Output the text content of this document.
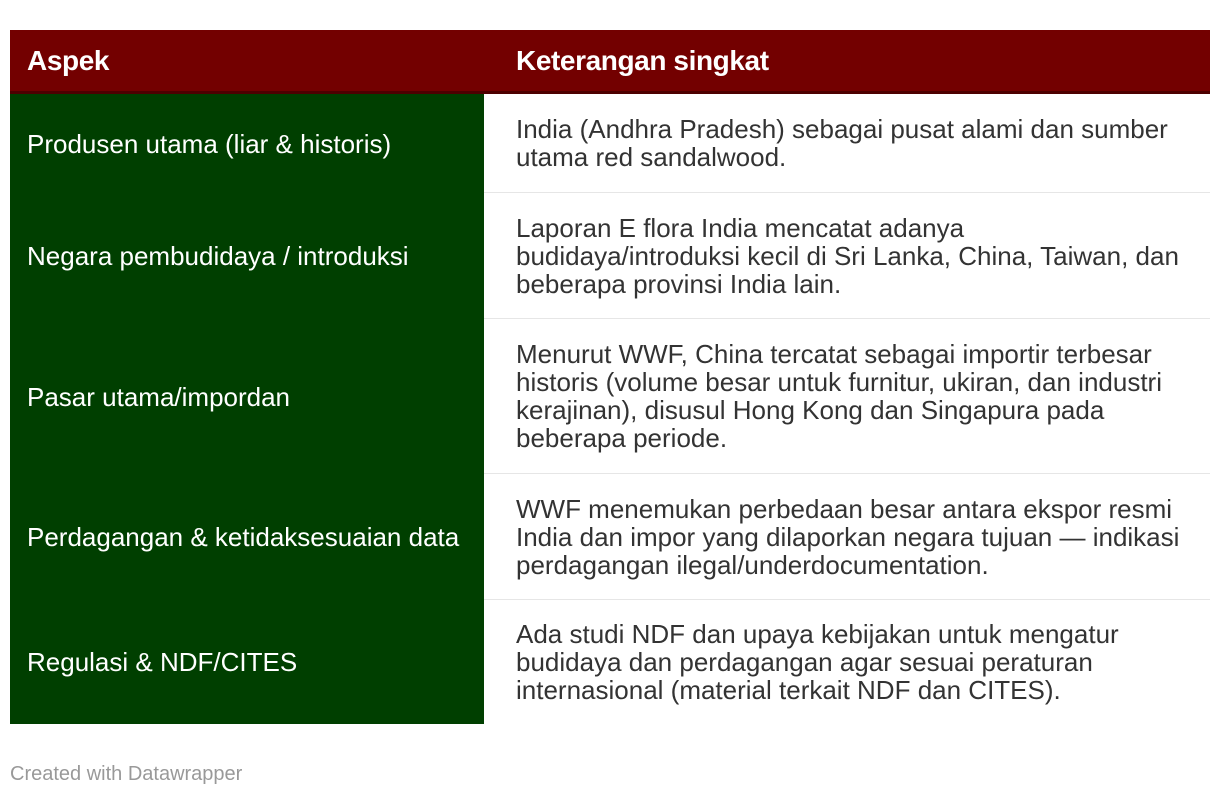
Aspek	Keterangan singkat
Produsen utama (liar & historis)	India (Andhra Pradesh) sebagai pusat alami dan sumber utama red sandalwood.
Negara pembudidaya / introduksi
Laporan E flora India mencatat adanya budidaya/introduksi kecil di Sri Lanka, China, Taiwan, dan beberapa provinsi India lain.
Pasar utama/impordan
Menurut WWF, China tercatat sebagai importir terbesar historis (volume besar untuk furnitur, ukiran, dan industri kerajinan), disusul Hong Kong dan Singapura pada beberapa periode.
Perdagangan & ketidaksesuaian data
WWF menemukan perbedaan besar antara ekspor resmi India dan impor yang dilaporkan negara tujuan — indikasi perdagangan ilegal/underdocumentation.
Regulasi & NDF/CITES
Ada studi NDF dan upaya kebijakan untuk mengatur budidaya dan perdagangan agar sesuai peraturan internasional (material terkait NDF dan CITES).
Created with Datawrapper
